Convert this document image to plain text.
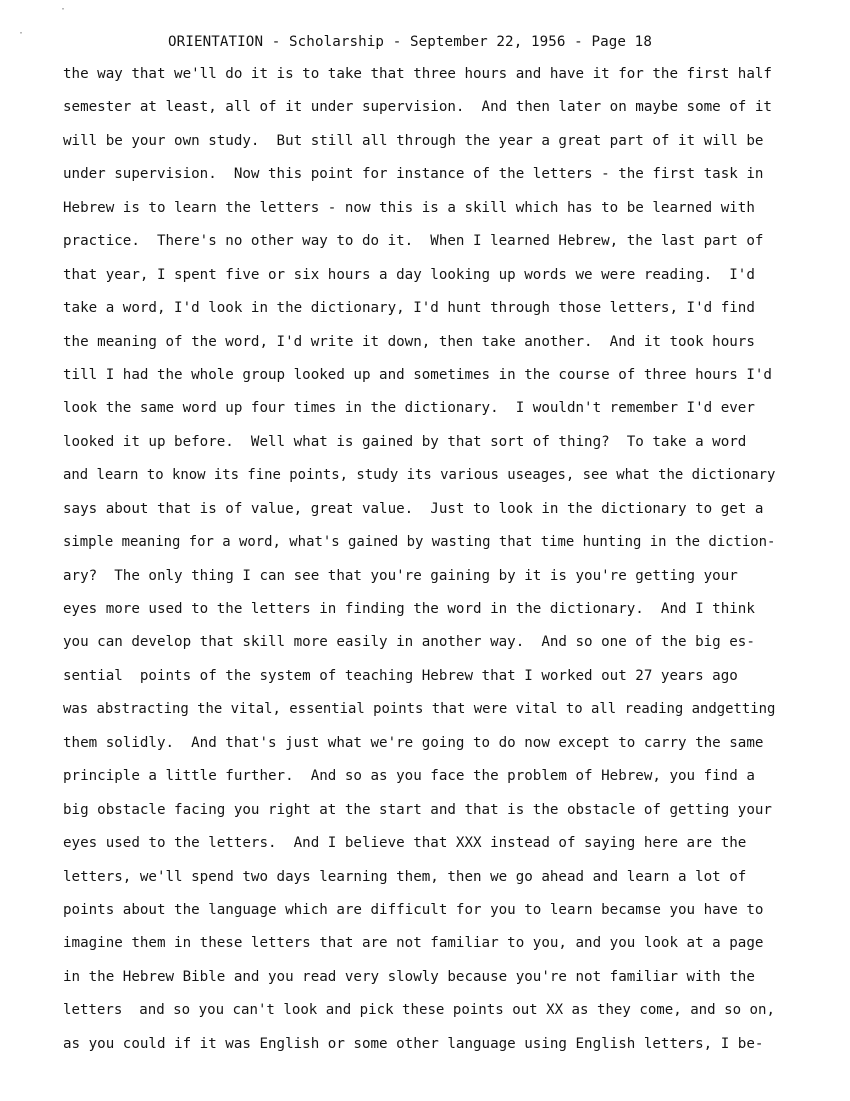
·
·
ORIENTATION - Scholarship - September 22, 1956 - Page 18
the way that we'll do it is to take that three hours and have it for the first half
semester at least, all of it under supervision.  And then later on maybe some of it
will be your own study.  But still all through the year a great part of it will be
under supervision.  Now this point for instance of the letters - the first task in
Hebrew is to learn the letters - now this is a skill which has to be learned with
practice.  There's no other way to do it.  When I learned Hebrew, the last part of
that year, I spent five or six hours a day looking up words we were reading.  I'd
take a word, I'd look in the dictionary, I'd hunt through those letters, I'd find
the meaning of the word, I'd write it down, then take another.  And it took hours
till I had the whole group looked up and sometimes in the course of three hours I'd
look the same word up four times in the dictionary.  I wouldn't remember I'd ever
looked it up before.  Well what is gained by that sort of thing?  To take a word
and learn to know its fine points, study its various useages, see what the dictionary
says about that is of value, great value.  Just to look in the dictionary to get a
simple meaning for a word, what's gained by wasting that time hunting in the diction-
ary?  The only thing I can see that you're gaining by it is you're getting your
eyes more used to the letters in finding the word in the dictionary.  And I think
you can develop that skill more easily in another way.  And so one of the big es-
sential  points of the system of teaching Hebrew that I worked out 27 years ago
was abstracting the vital, essential points that were vital to all reading andgetting
them solidly.  And that's just what we're going to do now except to carry the same
principle a little further.  And so as you face the problem of Hebrew, you find a
big obstacle facing you right at the start and that is the obstacle of getting your
eyes used to the letters.  And I believe that XXX instead of saying here are the
letters, we'll spend two days learning them, then we go ahead and learn a lot of
points about the language which are difficult for you to learn becamse you have to
imagine them in these letters that are not familiar to you, and you look at a page
in the Hebrew Bible and you read very slowly because you're not familiar with the
letters  and so you can't look and pick these points out XX as they come, and so on,
as you could if it was English or some other language using English letters, I be-
